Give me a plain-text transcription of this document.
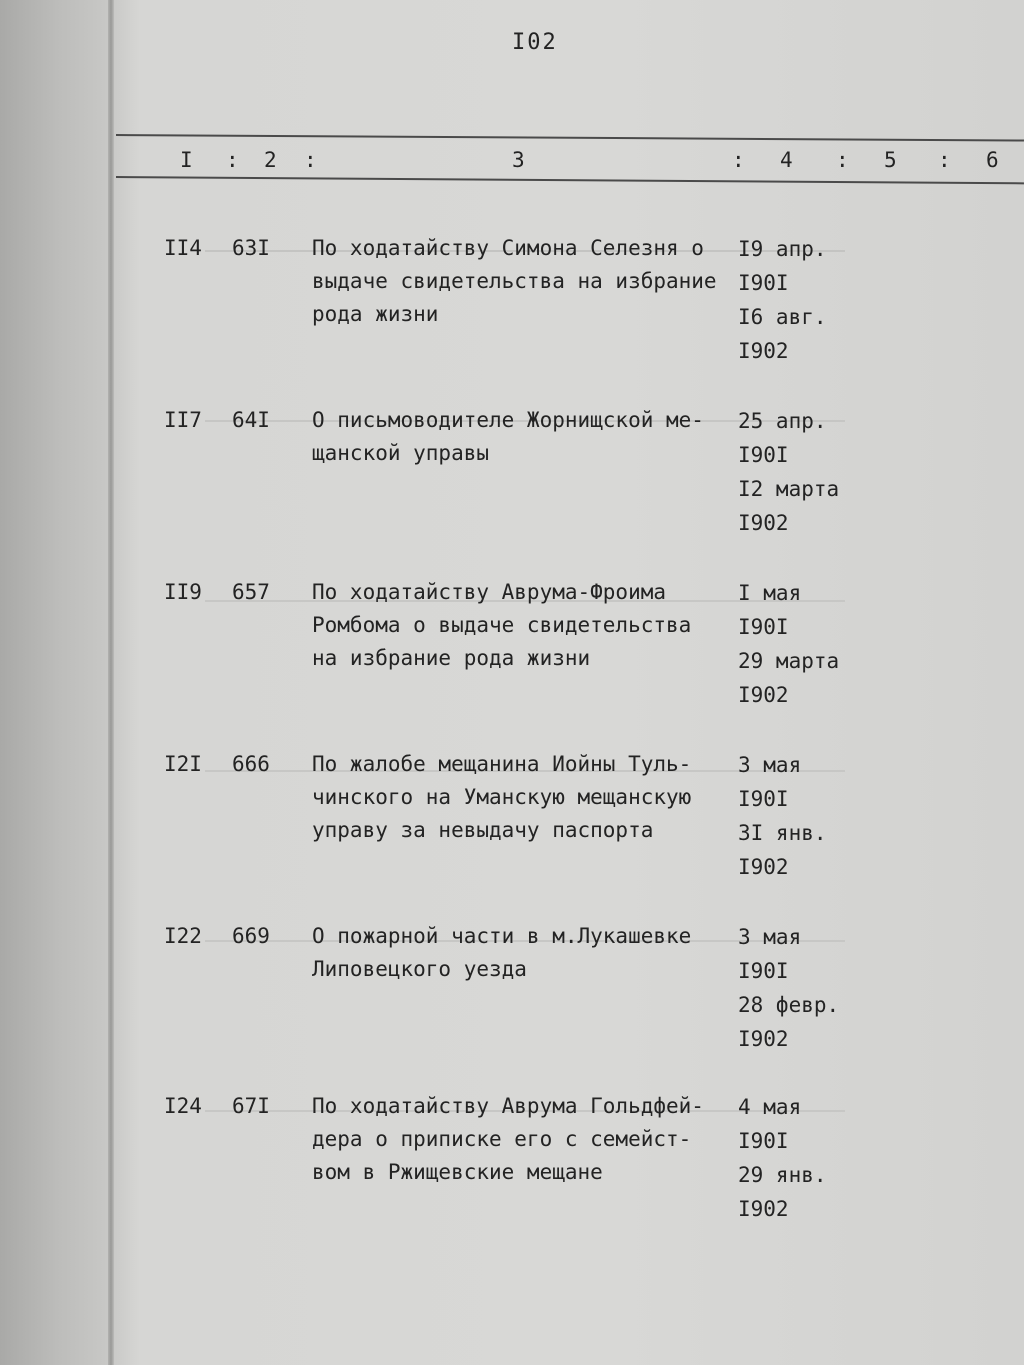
I02
I : 2 :	3	: 4 : 5 : 6
II4 63I По ходатайству Симона Селезня о
выдаче свидетельства на избрание
рода жизни
I9 апр.
I90I
I6 авг.
I902
II7 64I О письмоводителе Жорнищской ме-
щанской управы
25 апр.
I90I
I2 марта
I902
II9 657 По ходатайству Аврума-Фроима
Ромбома о выдаче свидетельства
на избрание рода жизни
I мая
I90I
29 марта
I902
I2I 666 По жалобе мещанина Иойны Туль-
чинского на Уманскую мещанскую
управу за невыдачу паспорта
3 мая
I90I
3I янв.
I902
I22 669 О пожарной части в м.Лукашевке
Липовецкого уезда
3 мая
I90I
28 февр.
I902
I24 67I По ходатайству Аврума Гольдфей-
дера о приписке его с семейст-
вом в Ржищевские мещане
4 мая
I90I
29 янв.
I902
